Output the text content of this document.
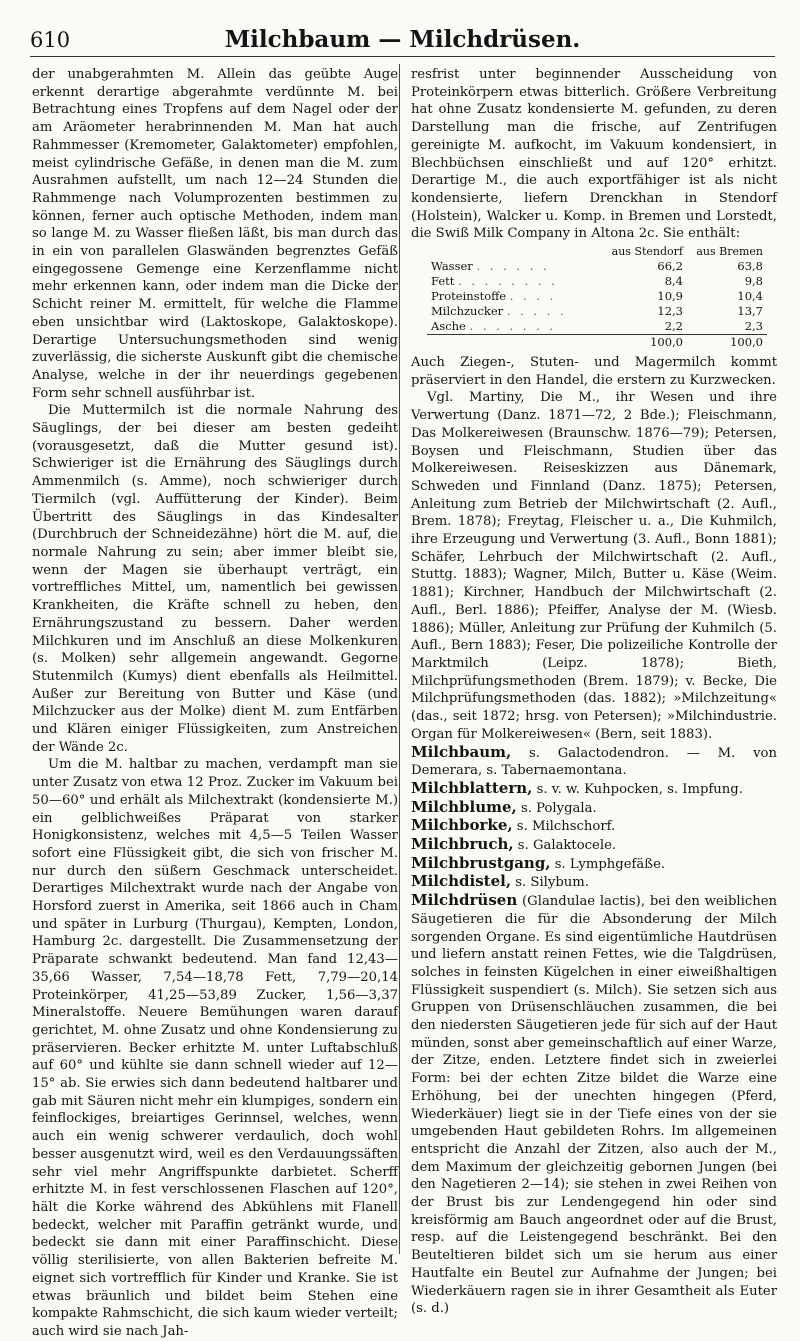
610	Milchbaum — Milchdrüsen.

der unabgerahmten M. Allein das geübte Auge erkennt derartige abgerahmte verdünnte M. bei Betrachtung eines Tropfens auf dem Nagel oder der am Aräometer herabrinnenden M. Man hat auch Rahmmesser (Kremometer, Galaktometer) empfohlen, meist cylindrische Gefäße, in denen man die M. zum Ausrahmen aufstellt, um nach 12—24 Stunden die Rahmmenge nach Volumprozenten bestimmen zu können, ferner auch optische Methoden, indem man so lange M. zu Wasser fließen läßt, bis man durch das in ein von parallelen Glaswänden begrenztes Gefäß eingegossene Gemenge eine Kerzenflamme nicht mehr erkennen kann, oder indem man die Dicke der Schicht reiner M. ermittelt, für welche die Flamme eben unsichtbar wird (Laktoskope, Galaktoskope). Derartige Untersuchungsmethoden sind wenig zuverlässig, die sicherste Auskunft gibt die chemische Analyse, welche in der ihr neuerdings gegebenen Form sehr schnell ausführbar ist.

Die Muttermilch ist die normale Nahrung des Säuglings, der bei dieser am besten gedeiht (vorausgesetzt, daß die Mutter gesund ist). Schwieriger ist die Ernährung des Säuglings durch Ammenmilch (s. Amme), noch schwieriger durch Tiermilch (vgl. Auffütterung der Kinder). Beim Übertritt des Säuglings in das Kindesalter (Durchbruch der Schneidezähne) hört die M. auf, die normale Nahrung zu sein; aber immer bleibt sie, wenn der Magen sie überhaupt verträgt, ein vortreffliches Mittel, um, namentlich bei gewissen Krankheiten, die Kräfte schnell zu heben, den Ernährungszustand zu bessern. Daher werden Milchkuren und im Anschluß an diese Molkenkuren (s. Molken) sehr allgemein angewandt. Gegorne Stutenmilch (Kumys) dient ebenfalls als Heilmittel. Außer zur Bereitung von Butter und Käse (und Milchzucker aus der Molke) dient M. zum Entfärben und Klären einiger Flüssigkeiten, zum Anstreichen der Wände 2c.

Um die M. haltbar zu machen, verdampft man sie unter Zusatz von etwa 12 Proz. Zucker im Vakuum bei 50—60° und erhält als Milchextrakt (kondensierte M.) ein gelblichweißes Präparat von starker Honigkonsistenz, welches mit 4,5—5 Teilen Wasser sofort eine Flüssigkeit gibt, die sich von frischer M. nur durch den süßern Geschmack unterscheidet. Derartiges Milchextrakt wurde nach der Angabe von Horsford zuerst in Amerika, seit 1866 auch in Cham und später in Lurburg (Thurgau), Kempten, London, Hamburg 2c. dargestellt. Die Zusammensetzung der Präparate schwankt bedeutend. Man fand 12,43—35,66 Wasser, 7,54—18,78 Fett, 7,79—20,14 Proteinkörper, 41,25—53,89 Zucker, 1,56—3,37 Mineralstoffe. Neuere Bemühungen waren darauf gerichtet, M. ohne Zusatz und ohne Kondensierung zu präservieren. Becker erhitzte M. unter Luftabschluß auf 60° und kühlte sie dann schnell wieder auf 12—15° ab. Sie erwies sich dann bedeutend haltbarer und gab mit Säuren nicht mehr ein klumpiges, sondern ein feinflockiges, breiartiges Gerinnsel, welches, wenn auch ein wenig schwerer verdaulich, doch wohl besser ausgenutzt wird, weil es den Verdauungssäften sehr viel mehr Angriffspunkte darbietet. Scherff erhitzte M. in fest verschlossenen Flaschen auf 120°, hält die Korke während des Abkühlens mit Flanell bedeckt, welcher mit Paraffin getränkt wurde, und bedeckt sie dann mit einer Paraffinschicht. Diese völlig sterilisierte, von allen Bakterien befreite M. eignet sich vortrefflich für Kinder und Kranke. Sie ist etwas bräunlich und bildet beim Stehen eine kompakte Rahmschicht, die sich kaum wieder verteilt; auch wird sie nach Jah-

resfrist unter beginnender Ausscheidung von Proteinkörpern etwas bitterlich. Größere Verbreitung hat ohne Zusatz kondensierte M. gefunden, zu deren Darstellung man die frische, auf Zentrifugen gereinigte M. aufkocht, im Vakuum kondensiert, in Blechbüchsen einschließt und auf 120° erhitzt. Derartige M., die auch exportfähiger ist als nicht kondensierte, liefern Drenckhan in Stendorf (Holstein), Walcker u. Komp. in Bremen und Lorstedt, die Swiß Milk Company in Altona 2c. Sie enthält:

	aus Stendorf	aus Bremen
Wasser . . . . . .	66,2	63,8
Fett . . . . . . . .	8,4	9,8
Proteinstoffe . . . .	10,9	10,4
Milchzucker . . . . .	12,3	13,7
Asche . . . . . . .	2,2	2,3
	100,0	100,0

Auch Ziegen-, Stuten- und Magermilch kommt präserviert in den Handel, die erstern zu Kurzwecken.

Vgl. Martiny, Die M., ihr Wesen und ihre Verwertung (Danz. 1871—72, 2 Bde.); Fleischmann, Das Molkereiwesen (Braunschw. 1876—79); Petersen, Boysen und Fleischmann, Studien über das Molkereiwesen. Reiseskizzen aus Dänemark, Schweden und Finnland (Danz. 1875); Petersen, Anleitung zum Betrieb der Milchwirtschaft (2. Aufl., Brem. 1878); Freytag, Fleischer u. a., Die Kuhmilch, ihre Erzeugung und Verwertung (3. Aufl., Bonn 1881); Schäfer, Lehrbuch der Milchwirtschaft (2. Aufl., Stuttg. 1883); Wagner, Milch, Butter u. Käse (Weim. 1881); Kirchner, Handbuch der Milchwirtschaft (2. Aufl., Berl. 1886); Pfeiffer, Analyse der M. (Wiesb. 1886); Müller, Anleitung zur Prüfung der Kuhmilch (5. Aufl., Bern 1883); Feser, Die polizeiliche Kontrolle der Marktmilch (Leipz. 1878); Bieth, Milchprüfungsmethoden (Brem. 1879); v. Becke, Die Milchprüfungsmethoden (das. 1882); »Milchzeitung« (das., seit 1872; hrsg. von Petersen); »Milchindustrie. Organ für Molkereiwesen« (Bern, seit 1883).

Milchbaum, s. Galactodendron. — M. von Demerara, s. Tabernaemontana.

Milchblattern, s. v. w. Kuhpocken, s. Impfung.

Milchblume, s. Polygala.

Milchborke, s. Milchschorf.

Milchbruch, s. Galaktocele.

Milchbrustgang, s. Lymphgefäße.

Milchdistel, s. Silybum.

Milchdrüsen (Glandulae lactis), bei den weiblichen Säugetieren die für die Absonderung der Milch sorgenden Organe. Es sind eigentümliche Hautdrüsen und liefern anstatt reinen Fettes, wie die Talgdrüsen, solches in feinsten Kügelchen in einer eiweißhaltigen Flüssigkeit suspendiert (s. Milch). Sie setzen sich aus Gruppen von Drüsenschläuchen zusammen, die bei den niedersten Säugetieren jede für sich auf der Haut münden, sonst aber gemeinschaftlich auf einer Warze, der Zitze, enden. Letztere findet sich in zweierlei Form: bei der echten Zitze bildet die Warze eine Erhöhung, bei der unechten hingegen (Pferd, Wiederkäuer) liegt sie in der Tiefe eines von der sie umgebenden Haut gebildeten Rohrs. Im allgemeinen entspricht die Anzahl der Zitzen, also auch der M., dem Maximum der gleichzeitig gebornen Jungen (bei den Nagetieren 2—14); sie stehen in zwei Reihen von der Brust bis zur Lendengegend hin oder sind kreisförmig am Bauch angeordnet oder auf die Brust, resp. auf die Leistengegend beschränkt. Bei den Beuteltieren bildet sich um sie herum aus einer Hautfalte ein Beutel zur Aufnahme der Jungen; bei Wiederkäuern ragen sie in ihrer Gesamtheit als Euter (s. d.)
